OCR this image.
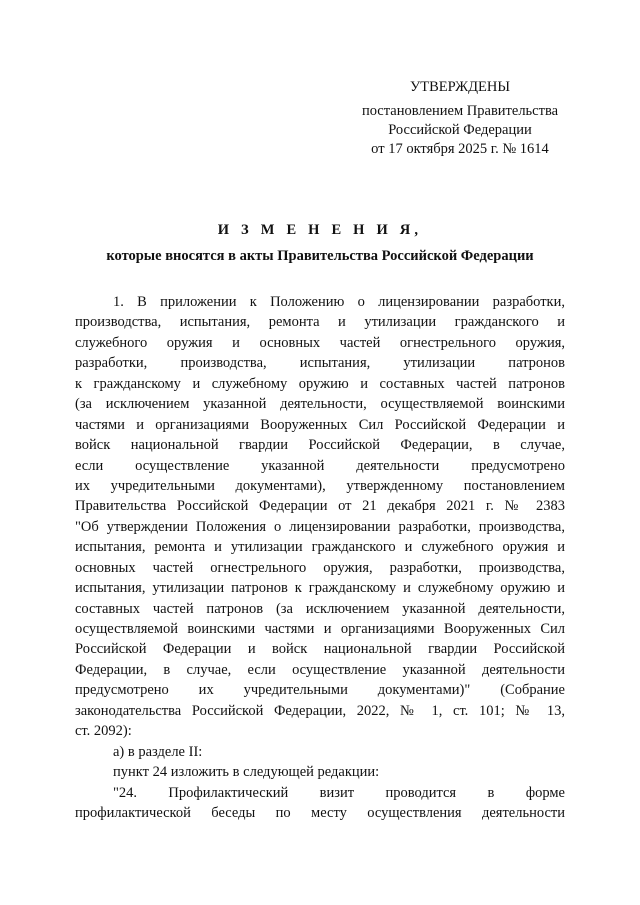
УТВЕРЖДЕНЫ
постановлением Правительства
Российской Федерации
от 17 октября 2025 г. № 1614
И З М Е Н Е Н И Я,
которые вносятся в акты Правительства Российской Федерации
1. В приложении к Положению о лицензировании разработки,
производства, испытания, ремонта и утилизации гражданского и
служебного оружия и основных частей огнестрельного оружия,
разработки, производства, испытания, утилизации патронов
к гражданскому и служебному оружию и составных частей патронов
(за исключением указанной деятельности, осуществляемой воинскими
частями и организациями Вооруженных Сил Российской Федерации и
войск национальной гвардии Российской Федерации, в случае,
если осуществление указанной деятельности предусмотрено
их учредительными документами), утвержденному постановлением
Правительства Российской Федерации от 21 декабря 2021 г. № 2383
"Об утверждении Положения о лицензировании разработки, производства,
испытания, ремонта и утилизации гражданского и служебного оружия и
основных частей огнестрельного оружия, разработки, производства,
испытания, утилизации патронов к гражданскому и служебному оружию и
составных частей патронов (за исключением указанной деятельности,
осуществляемой воинскими частями и организациями Вооруженных Сил
Российской Федерации и войск национальной гвардии Российской
Федерации, в случае, если осуществление указанной деятельности
предусмотрено их учредительными документами)" (Собрание
законодательства Российской Федерации, 2022, № 1, ст. 101; № 13,
ст. 2092):
а) в разделе II:
пункт 24 изложить в следующей редакции:
"24. Профилактический визит проводится в форме
профилактической беседы по месту осуществления деятельности
